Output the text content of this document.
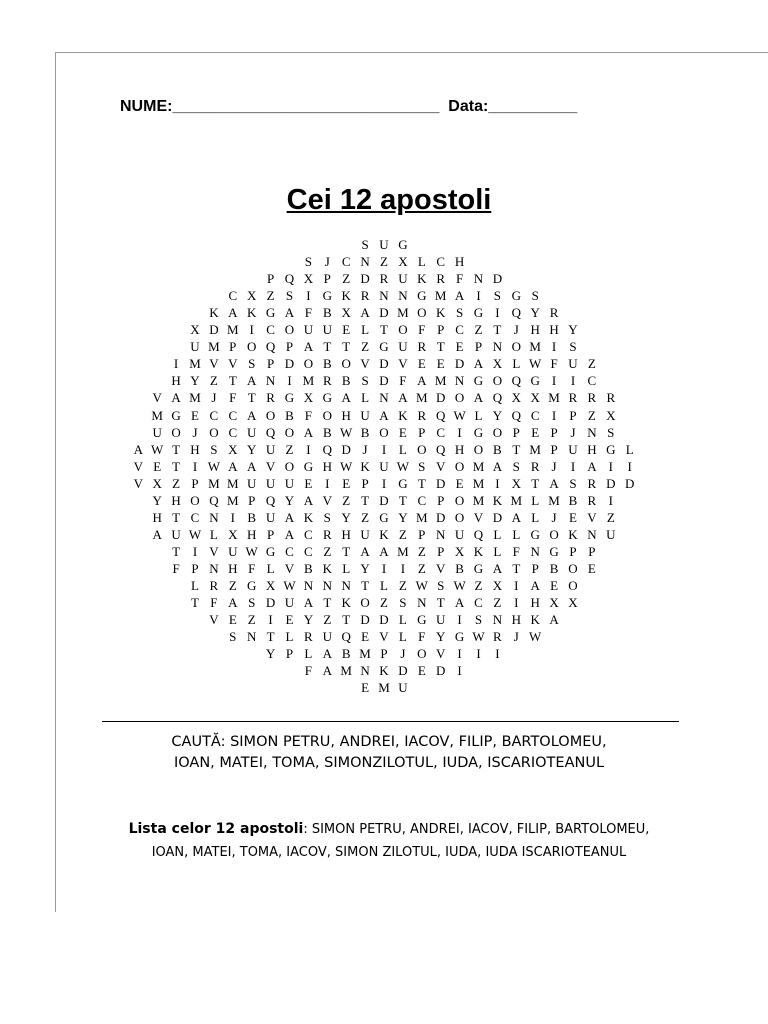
NUME:______________________________ Data:__________
Cei 12 apostoli
S U G
S J C N Z X L C H
P Q X P Z D R U K R F N D
C X Z S	I G K R N N G M A I	S G S
K A K G A F B X A D M O K S G I Q Y R
X D M I C O U U E L T O F P C Z T J H H Y
U M P O Q P A T T Z G U R T E P N O M I	S
I M V V S P D O B O V D V E E D A X L W F U Z
H Y Z T A N I M R B S D F A M N G O Q G I	I C
V A M J F T R G X G A L N A M D O A Q X X M R R R
M G E C C A O B F O H U A K R Q W L Y Q C I	P Z X
U O J O C U Q O A B W B O E P C I G O P E P J N S
A W T H S X Y U Z I Q D J	I L O Q H O B T M P U H G L
V E T I W A A V O G H W K U W S V O M A S R J	I A I	I
V X Z P M M U U U E I E P	I G T D E M I X T A S R D D
Y H O Q M P Q Y A V Z T D T C P O M K M L M B R I
H T C N I B U A K S Y Z G Y M D O V D A L J E V Z
A U W L X H P A C R H U K Z P N U Q L L G O K N U
T I V U W G C C Z T A A M Z P X K L F N G P P
F P N H F L V B K L Y I	I Z V B G A T P B O E
L R Z G X W N N N T L Z W S W Z X I A E O
T F A S D U A T K O Z S N T A C Z I H X X
V E Z I E Y Z T D D L G U I	S N H K A
S N T L R U Q E V L F Y G W R J W
Y P L A B M P J O V I	I	I
F A M N K D E D I
E M U
CAUTĂ: SIMON PETRU, ANDREI, IACOV, FILIP, BARTOLOMEU,
IOAN, MATEI, TOMA, SIMONZILOTUL, IUDA, ISCARIOTEANUL
Lista celor 12 apostoli: SIMON PETRU, ANDREI, IACOV, FILIP, BARTOLOMEU,
IOAN, MATEI, TOMA, IACOV, SIMON ZILOTUL, IUDA, IUDA ISCARIOTEANUL
